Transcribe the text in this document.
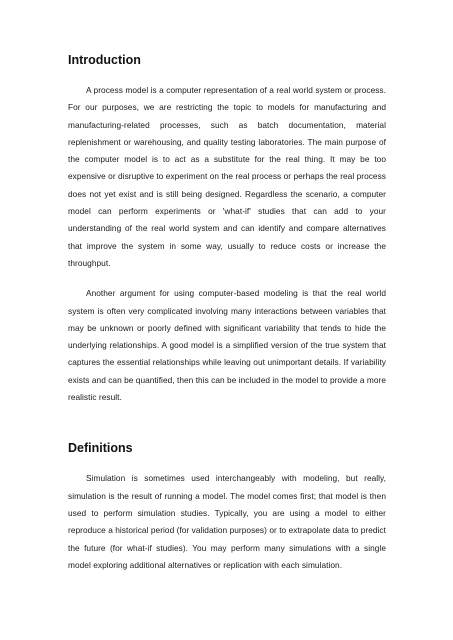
Introduction

A process model is a computer representation of a real world system or process. For our purposes, we are restricting the topic to models for manufacturing and manufacturing-related processes, such as batch documentation, material replenishment or warehousing, and quality testing laboratories. The main purpose of the computer model is to act as a substitute for the real thing. It may be too expensive or disruptive to experiment on the real process or perhaps the real process does not yet exist and is still being designed. Regardless the scenario, a computer model can perform experiments or 'what-if' studies that can add to your understanding of the real world system and can identify and compare alternatives that improve the system in some way, usually to reduce costs or increase the throughput.

Another argument for using computer-based modeling is that the real world system is often very complicated involving many interactions between variables that may be unknown or poorly defined with significant variability that tends to hide the underlying relationships. A good model is a simplified version of the true system that captures the essential relationships while leaving out unimportant details. If variability exists and can be quantified, then this can be included in the model to provide a more realistic result.

Definitions

Simulation is sometimes used interchangeably with modeling, but really, simulation is the result of running a model. The model comes first; that model is then used to perform simulation studies. Typically, you are using a model to either reproduce a historical period (for validation purposes) or to extrapolate data to predict the future (for what-if studies). You may perform many simulations with a single model exploring additional alternatives or replication with each simulation.
